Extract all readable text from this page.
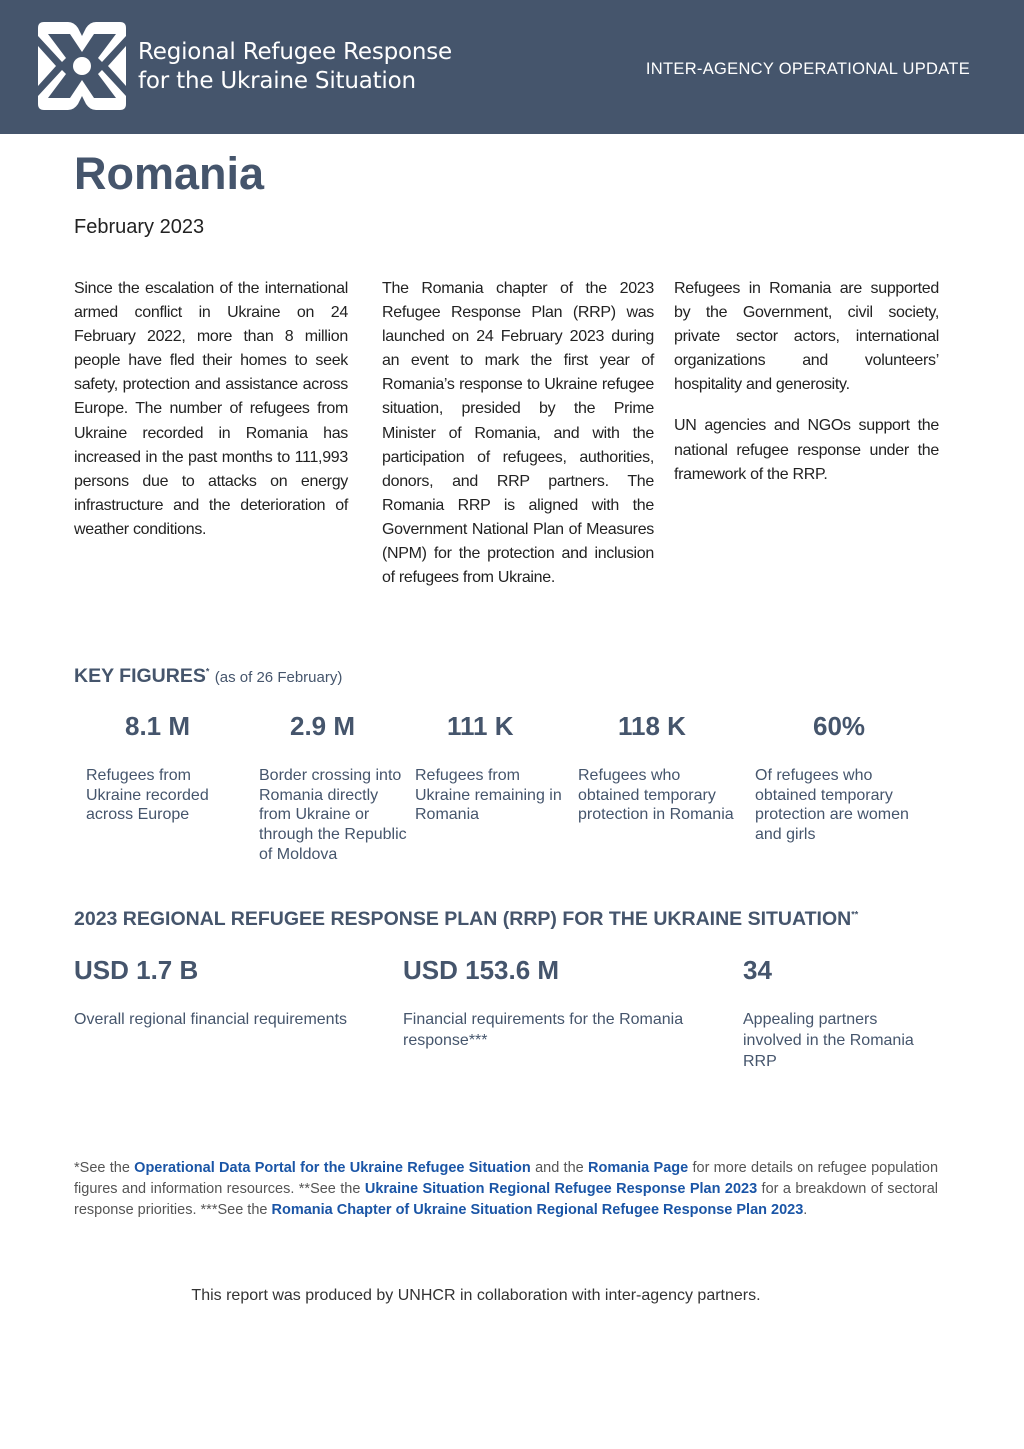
Regional Refugee Response
for the Ukraine Situation	INTER-AGENCY OPERATIONAL UPDATE
Romania
February 2023

Since the escalation of the international armed conflict in Ukraine on 24 February 2022, more than 8 million people have fled their homes to seek safety, protection and assistance across Europe. The number of refugees from Ukraine recorded in Romania has increased in the past months to 111,993 persons due to attacks on energy infrastructure and the deterioration of weather conditions.

The Romania chapter of the 2023 Refugee Response Plan (RRP) was launched on 24 February 2023 during an event to mark the first year of Romania’s response to Ukraine refugee situation, presided by the Prime Minister of Romania, and with the participation of refugees, authorities, donors, and RRP partners. The Romania RRP is aligned with the Government National Plan of Measures (NPM) for the protection and inclusion of refugees from Ukraine.

Refugees in Romania are supported by the Government, civil society, private sector actors, international organizations and volunteers’ hospitality and generosity.

UN agencies and NGOs support the national refugee response under the framework of the RRP.

KEY FIGURES* (as of 26 February)
8.1 M
Refugees from Ukraine recorded across Europe
2.9 M
Border crossing into Romania directly from Ukraine or through the Republic of Moldova
111 K
Refugees from Ukraine remaining in Romania
118 K
Refugees who obtained temporary protection in Romania
60%
Of refugees who obtained temporary protection are women and girls
2023 REGIONAL REFUGEE RESPONSE PLAN (RRP) FOR THE UKRAINE SITUATION**
USD 1.7 B
Overall regional financial requirements
USD 153.6 M
Financial requirements for the Romania response***
34
Appealing partners involved in the Romania RRP
*See the Operational Data Portal for the Ukraine Refugee Situation and the Romania Page for more details on refugee population figures and information resources. **See the Ukraine Situation Regional Refugee Response Plan 2023 for a breakdown of sectoral response priorities. ***See the Romania Chapter of Ukraine Situation Regional Refugee Response Plan 2023.
This report was produced by UNHCR in collaboration with inter-agency partners.
